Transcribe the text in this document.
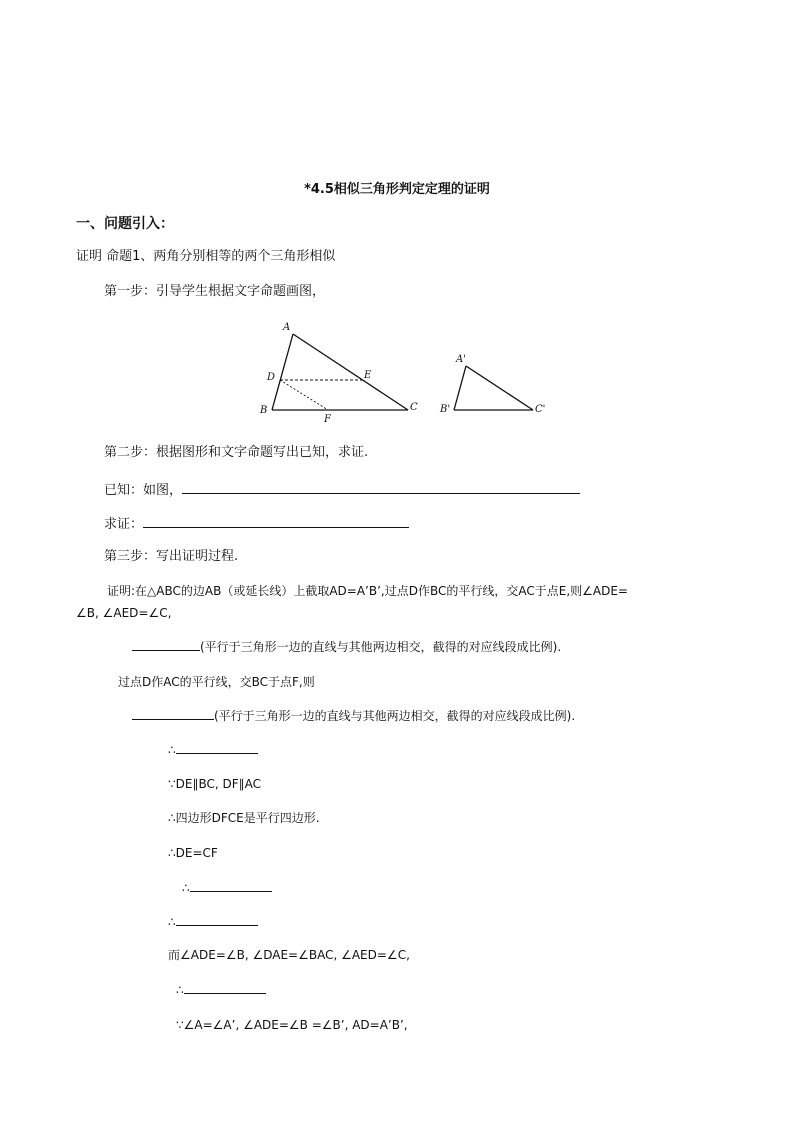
*4.5相似三角形判定定理的证明
一、问题引入：
证明 命题1、两角分别相等的两个三角形相似
第一步：引导学生根据文字命题画图，
A
D	E
B
F
C
A'
B'	C'
第二步：根据图形和文字命题写出已知，求证.
已知：如图，
求证：
第三步：写出证明过程.
证明:在△ABC的边AB（或延长线）上截取AD=A’B’,过点D作BC的平行线，交AC于点E,则∠ADE=
∠B, ∠AED=∠C,
(平行于三角形一边的直线与其他两边相交，截得的对应线段成比例).
过点D作AC的平行线，交BC于点F,则
(平行于三角形一边的直线与其他两边相交，截得的对应线段成比例).
∴
∵DE∥BC, DF∥AC
∴四边形DFCE是平行四边形.
∴DE=CF
∴
∴
而∠ADE=∠B, ∠DAE=∠BAC, ∠AED=∠C,
∴
∵∠A=∠A’, ∠ADE=∠B =∠B’, AD=A’B’,
